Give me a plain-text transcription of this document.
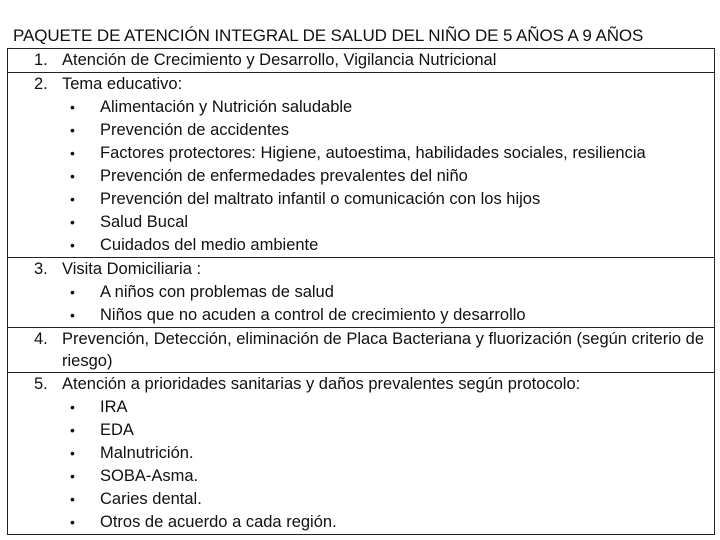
PAQUETE DE ATENCIÓN INTEGRAL DE SALUD DEL NIÑO DE 5 AÑOS A 9 AÑOS
1. Atención de Crecimiento y Desarrollo, Vigilancia Nutricional

2. Tema educativo:
• Alimentación y Nutrición saludable
• Prevención de accidentes
• Factores protectores: Higiene, autoestima, habilidades sociales, resiliencia
• Prevención de enfermedades prevalentes del niño
• Prevención del maltrato infantil o comunicación con los hijos
• Salud Bucal
• Cuidados del medio ambiente

3. Visita Domiciliaria :
• A niños con problemas de salud
• Niños que no acuden a control de crecimiento y desarrollo

4. Prevención, Detección, eliminación de Placa Bacteriana y fluorización (según criterio de riesgo)

5. Atención a prioridades sanitarias y daños prevalentes según protocolo:
• IRA
• EDA
• Malnutrición.
• SOBA-Asma.
• Caries dental.
• Otros de acuerdo a cada región.
